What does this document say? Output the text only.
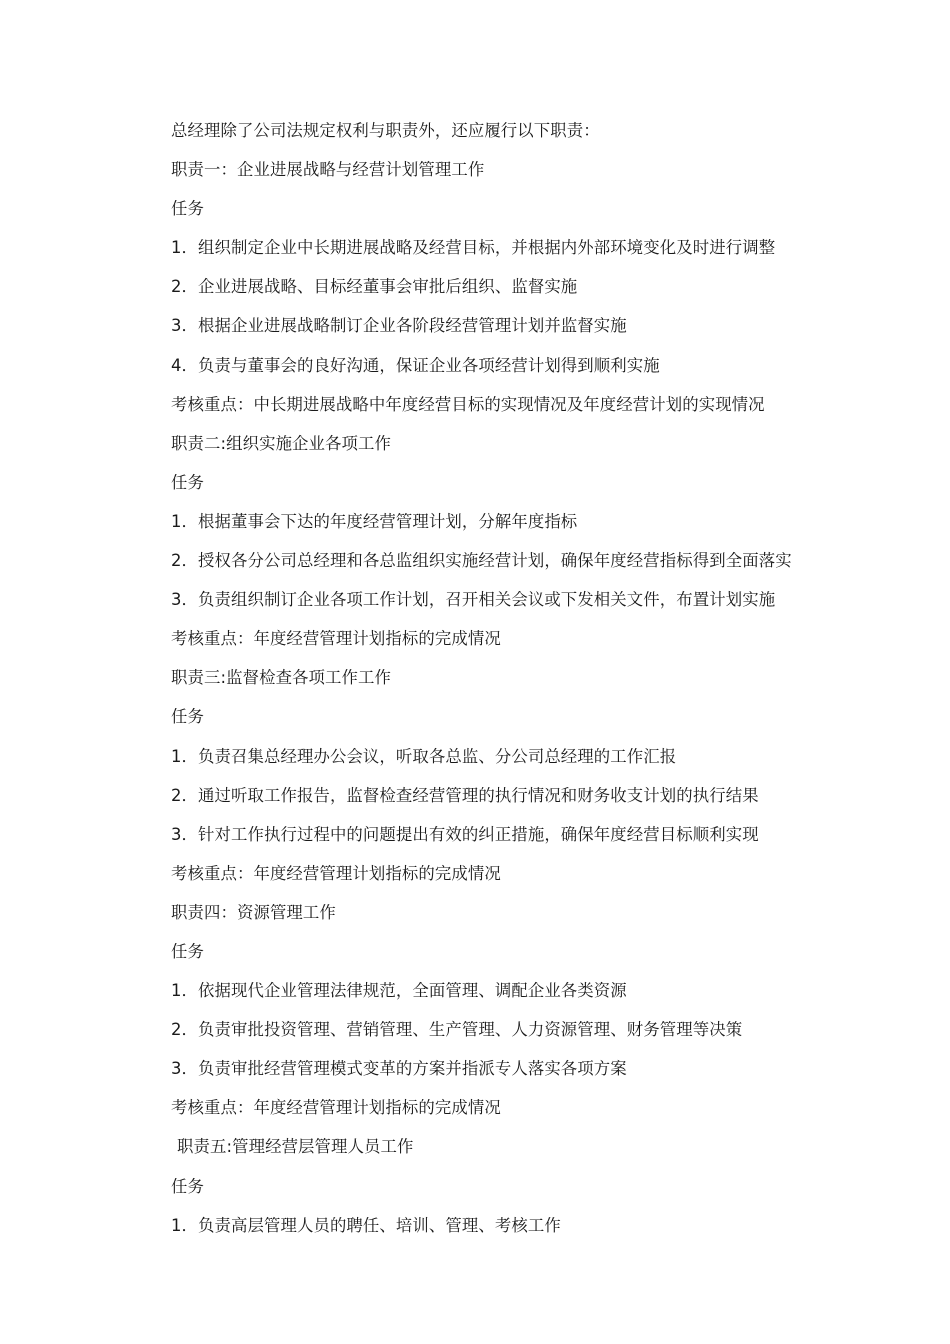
总经理除了公司法规定权利与职责外，还应履行以下职责：
职责一：企业进展战略与经营计划管理工作
任务
1．组织制定企业中长期进展战略及经营目标，并根据内外部环境变化及时进行调整
2．企业进展战略、目标经董事会审批后组织、监督实施
3．根据企业进展战略制订企业各阶段经营管理计划并监督实施
4．负责与董事会的良好沟通，保证企业各项经营计划得到顺利实施
考核重点：中长期进展战略中年度经营目标的实现情况及年度经营计划的实现情况
职责二:组织实施企业各项工作
任务
1．根据董事会下达的年度经营管理计划，分解年度指标
2．授权各分公司总经理和各总监组织实施经营计划，确保年度经营指标得到全面落实
3．负责组织制订企业各项工作计划，召开相关会议或下发相关文件，布置计划实施
考核重点：年度经营管理计划指标的完成情况
职责三:监督检查各项工作工作
任务
1．负责召集总经理办公会议，听取各总监、分公司总经理的工作汇报
2．通过听取工作报告，监督检查经营管理的执行情况和财务收支计划的执行结果
3．针对工作执行过程中的问题提出有效的纠正措施，确保年度经营目标顺利实现
考核重点：年度经营管理计划指标的完成情况
职责四：资源管理工作
任务
1．依据现代企业管理法律规范，全面管理、调配企业各类资源
2．负责审批投资管理、营销管理、生产管理、人力资源管理、财务管理等决策
3．负责审批经营管理模式变革的方案并指派专人落实各项方案
考核重点：年度经营管理计划指标的完成情况
职责五:管理经营层管理人员工作
任务
1．负责高层管理人员的聘任、培训、管理、考核工作
